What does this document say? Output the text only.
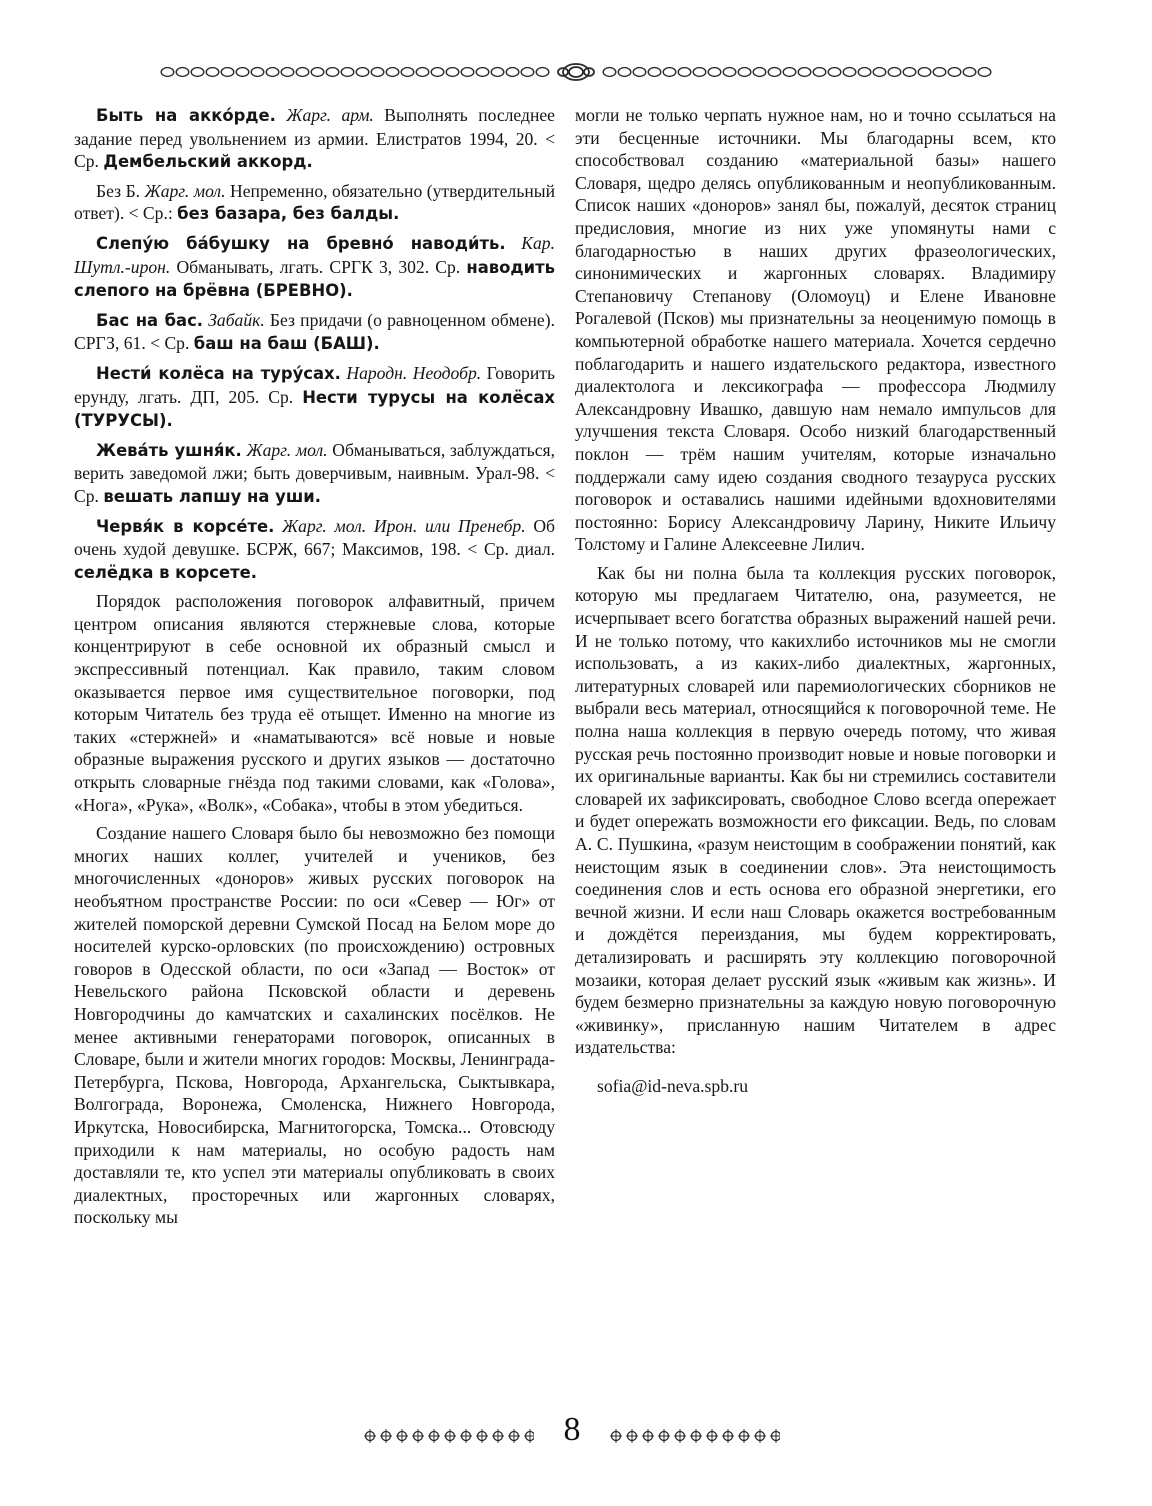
Быть на акко́рде. Жарг. арм. Выполнять последнее задание перед увольнением из армии. Елистратов 1994, 20. < Ср. Дембельский аккорд.

Без Б. Жарг. мол. Непременно, обязательно (утвердительный ответ). < Ср.: без базара, без балды.

Слепу́ю ба́бушку на бревно́ наводи́ть. Кар. Шутл.-ирон. Обманывать, лгать. СРГК 3, 302. Ср. наводить слепого на брёвна (БРЕВНО).

Бас на бас. Забайк. Без придачи (о равноценном обмене). СРГЗ, 61. < Ср. баш на баш (БАШ).

Нести́ колёса на туру́сах. Народн. Неодобр. Говорить ерунду, лгать. ДП, 205. Ср. Нести турусы на колёсах (ТУРУСЫ).

Жева́ть ушня́к. Жарг. мол. Обманываться, заблуждаться, верить заведомой лжи; быть доверчивым, наивным. Урал-98. < Ср. вешать лапшу на уши.

Червя́к в корсе́те. Жарг. мол. Ирон. или Пренебр. Об очень худой девушке. БСРЖ, 667; Максимов, 198. < Ср. диал. селёдка в корсете.

Порядок расположения поговорок алфавитный, причем центром описания являются стержневые слова, которые концентрируют в себе основной их образный смысл и экспрессивный потенциал. Как правило, таким словом оказывается первое имя существительное поговорки, под которым Читатель без труда её отыщет. Именно на многие из таких «стержней» и «наматываются» всё новые и новые образные выражения русского и других языков — достаточно открыть словарные гнёзда под такими словами, как «Голова», «Нога», «Рука», «Волк», «Собака», чтобы в этом убедиться.

Создание нашего Словаря было бы невозможно без помощи многих наших коллег, учителей и учеников, без многочисленных «доноров» живых русских поговорок на необъятном пространстве России: по оси «Север — Юг» от жителей поморской деревни Сумской Посад на Белом море до носителей курско-орловских (по происхождению) островных говоров в Одесской области, по оси «Запад — Восток» от Невельского района Псковской области и деревень Новгородчины до камчатских и сахалинских посёлков. Не менее активными генераторами поговорок, описанных в Словаре, были и жители многих городов: Москвы, Ленинграда-Петербурга, Пскова, Новгорода, Архангельска, Сыктывкара, Волгограда, Воронежа, Смоленска, Нижнего Новгорода, Иркутска, Новосибирска, Магнитогорска, Томска... Отовсюду приходили к нам материалы, но особую радость нам доставляли те, кто успел эти материалы опубликовать в своих диалектных, просторечных или жаргонных словарях, поскольку мы

могли не только черпать нужное нам, но и точно ссылаться на эти бесценные источники. Мы благодарны всем, кто способствовал созданию «материальной базы» нашего Словаря, щедро делясь опубликованным и неопубликованным. Список наших «доноров» занял бы, пожалуй, десяток страниц предисловия, многие из них уже упомянуты нами с благодарностью в наших других фразеологических, синонимических и жаргонных словарях. Владимиру Степановичу Степанову (Оломоуц) и Елене Ивановне Рогалевой (Псков) мы признательны за неоценимую помощь в компьютерной обработке нашего материала. Хочется сердечно поблагодарить и нашего издательского редактора, известного диалектолога и лексикографа — профессора Людмилу Александровну Ивашко, давшую нам немало импульсов для улучшения текста Словаря. Особо низкий благодарственный поклон — трём нашим учителям, которые изначально поддержали саму идею создания сводного тезауруса русских поговорок и оставались нашими идейными вдохновителями постоянно: Борису Александровичу Ларину, Никите Ильичу Толстому и Галине Алексеевне Лилич.

Как бы ни полна была та коллекция русских поговорок, которую мы предлагаем Читателю, она, разумеется, не исчерпывает всего богатства образных выражений нашей речи. И не только потому, что какихлибо источников мы не смогли использовать, а из каких-либо диалектных, жаргонных, литературных словарей или паремиологических сборников не выбрали весь материал, относящийся к поговорочной теме. Не полна наша коллекция в первую очередь потому, что живая русская речь постоянно производит новые и новые поговорки и их оригинальные варианты. Как бы ни стремились составители словарей их зафиксировать, свободное Слово всегда опережает и будет опережать возможности его фиксации. Ведь, по словам А. С. Пушкина, «разум неистощим в соображении понятий, как неистощим язык в соединении слов». Эта неистощимость соединения слов и есть основа его образной энергетики, его вечной жизни. И если наш Словарь окажется востребованным и дождётся переиздания, мы будем корректировать, детализировать и расширять эту коллекцию поговорочной мозаики, которая делает русский язык «живым как жизнь». И будем безмерно признательны за каждую новую поговорочную «живинку», присланную нашим Читателем в адрес издательства:

sofia@id-neva.spb.ru

8
